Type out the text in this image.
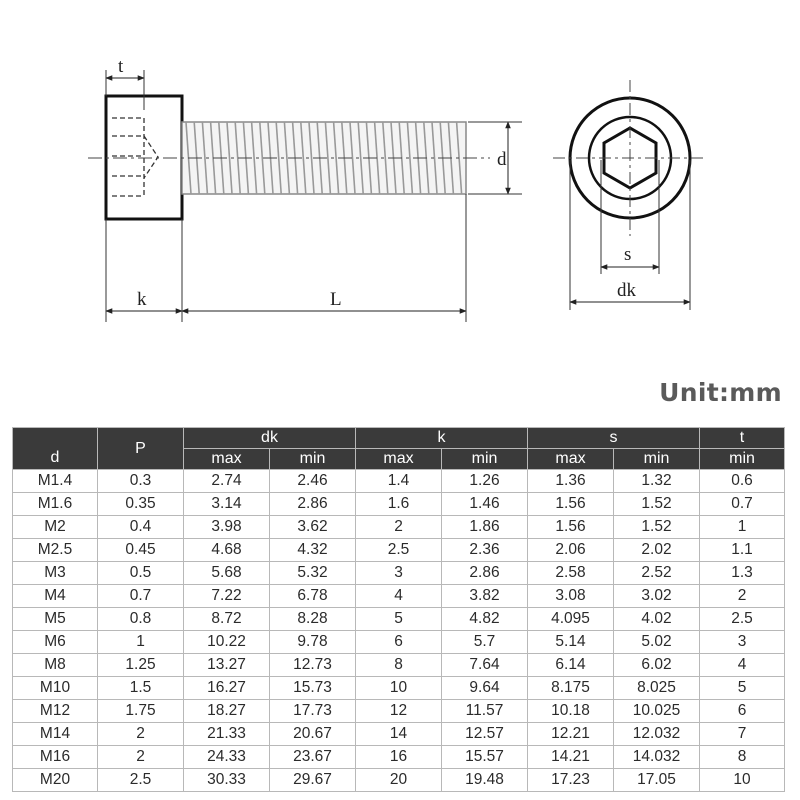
t
d
k	L
s
dk
Unit:mm
d	P	dk		k		s		t
		max	min	max	min	max	min	min
M1.4	0.3	2.74	2.46	1.4	1.26	1.36	1.32	0.6
M1.6	0.35	3.14	2.86	1.6	1.46	1.56	1.52	0.7
M2	0.4	3.98	3.62	2	1.86	1.56	1.52	1
M2.5	0.45	4.68	4.32	2.5	2.36	2.06	2.02	1.1
M3	0.5	5.68	5.32	3	2.86	2.58	2.52	1.3
M4	0.7	7.22	6.78	4	3.82	3.08	3.02	2
M5	0.8	8.72	8.28	5	4.82	4.095	4.02	2.5
M6	1	10.22	9.78	6	5.7	5.14	5.02	3
M8	1.25	13.27	12.73	8	7.64	6.14	6.02	4
M10	1.5	16.27	15.73	10	9.64	8.175	8.025	5
M12	1.75	18.27	17.73	12	11.57	10.18	10.025	6
M14	2	21.33	20.67	14	12.57	12.21	12.032	7
M16	2	24.33	23.67	16	15.57	14.21	14.032	8
M20	2.5	30.33	29.67	20	19.48	17.23	17.05	10
